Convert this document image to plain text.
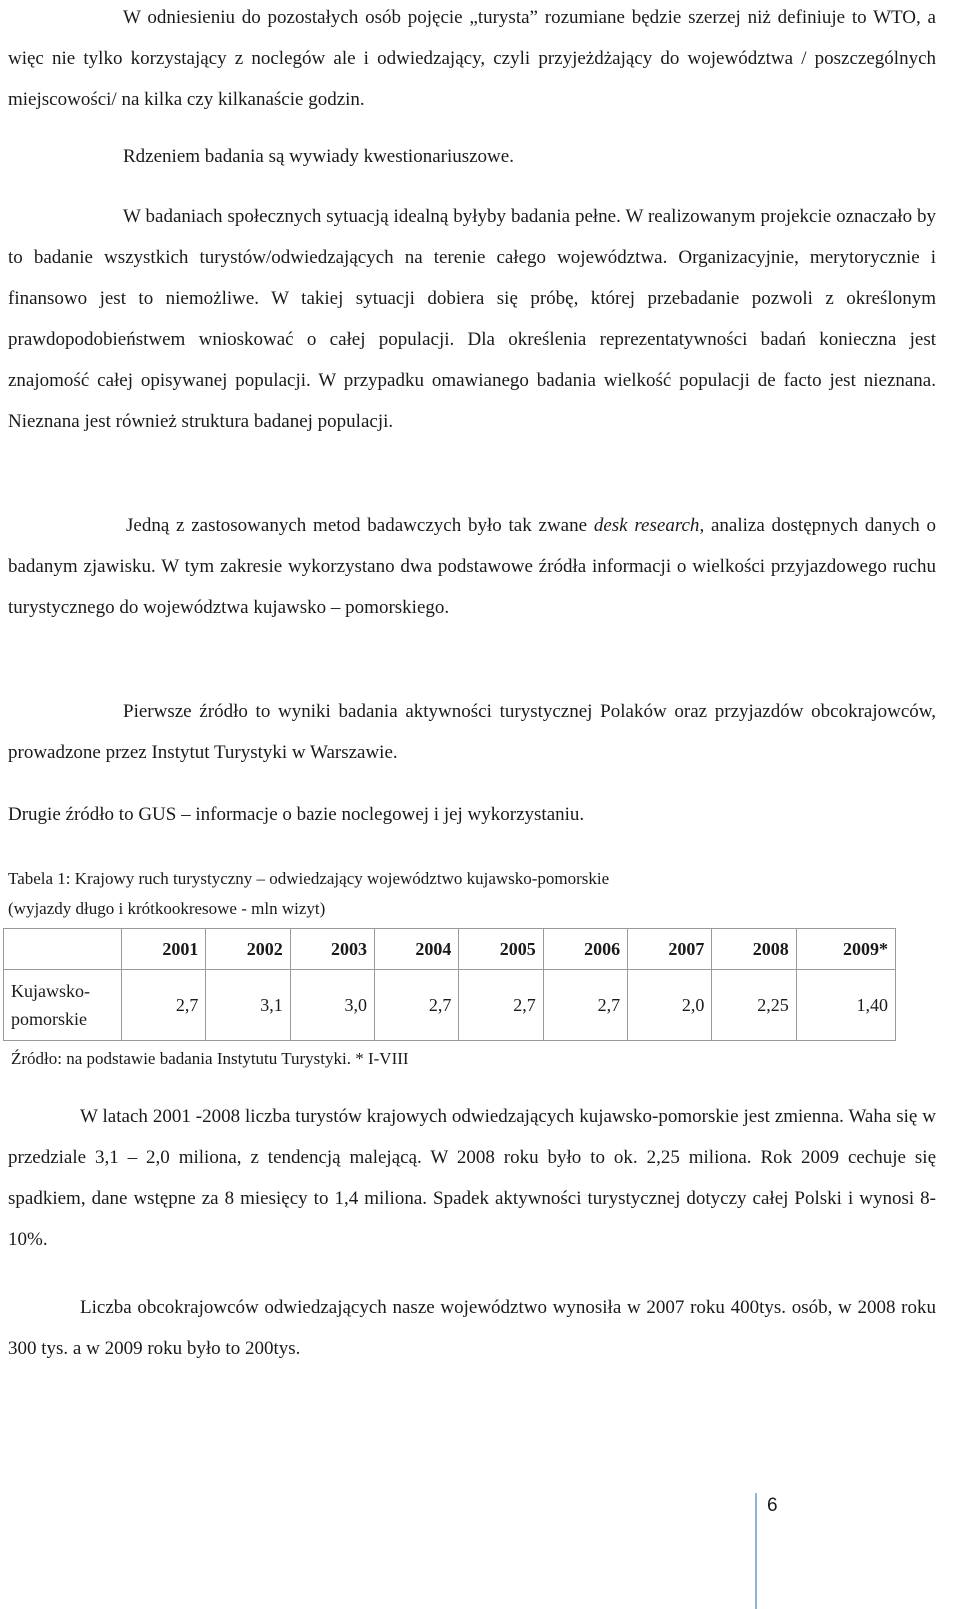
W odniesieniu do pozostałych osób pojęcie „turysta” rozumiane będzie szerzej niż definiuje to WTO, a więc nie tylko korzystający z noclegów ale i odwiedzający, czyli przyjeżdżający do województwa / poszczególnych miejscowości/ na kilka czy kilkanaście godzin.

Rdzeniem badania są wywiady kwestionariuszowe.

W badaniach społecznych sytuacją idealną byłyby badania pełne. W realizowanym projekcie oznaczało by to badanie wszystkich turystów/odwiedzających na terenie całego województwa. Organizacyjnie, merytorycznie i finansowo jest to niemożliwe. W takiej sytuacji dobiera się próbę, której przebadanie pozwoli z określonym prawdopodobieństwem wnioskować o całej populacji. Dla określenia reprezentatywności badań konieczna jest znajomość całej opisywanej populacji. W przypadku omawianego badania wielkość populacji de facto jest nieznana. Nieznana jest również struktura badanej populacji.

Jedną z zastosowanych metod badawczych było tak zwane desk research, analiza dostępnych danych o badanym zjawisku. W tym zakresie wykorzystano dwa podstawowe źródła informacji o wielkości przyjazdowego ruchu turystycznego do województwa kujawsko – pomorskiego.

Pierwsze źródło to wyniki badania aktywności turystycznej Polaków oraz przyjazdów obcokrajowców, prowadzone przez Instytut Turystyki w Warszawie.

Drugie źródło to GUS – informacje o bazie noclegowej i jej wykorzystaniu.

Tabela 1: Krajowy ruch turystyczny – odwiedzający województwo kujawsko-pomorskie

(wyjazdy długo i krótkookresowe - mln wizyt)

	2001	2002	2003	2004	2005	2006	2007	2008	2009*
Kujawsko-pomorskie	2,7	3,1	3,0	2,7	2,7	2,7	2,0	2,25	1,40

Źródło: na podstawie badania Instytutu Turystyki. * I-VIII

W latach 2001 -2008 liczba turystów krajowych odwiedzających kujawsko-pomorskie jest zmienna. Waha się w przedziale 3,1 – 2,0 miliona, z tendencją malejącą. W 2008 roku było to ok. 2,25 miliona. Rok 2009 cechuje się spadkiem, dane wstępne za 8 miesięcy to 1,4 miliona. Spadek aktywności turystycznej dotyczy całej Polski i wynosi 8-10%.

Liczba obcokrajowców odwiedzających nasze województwo wynosiła w 2007 roku 400tys. osób, w 2008 roku 300 tys. a w 2009 roku było to 200tys.

6
